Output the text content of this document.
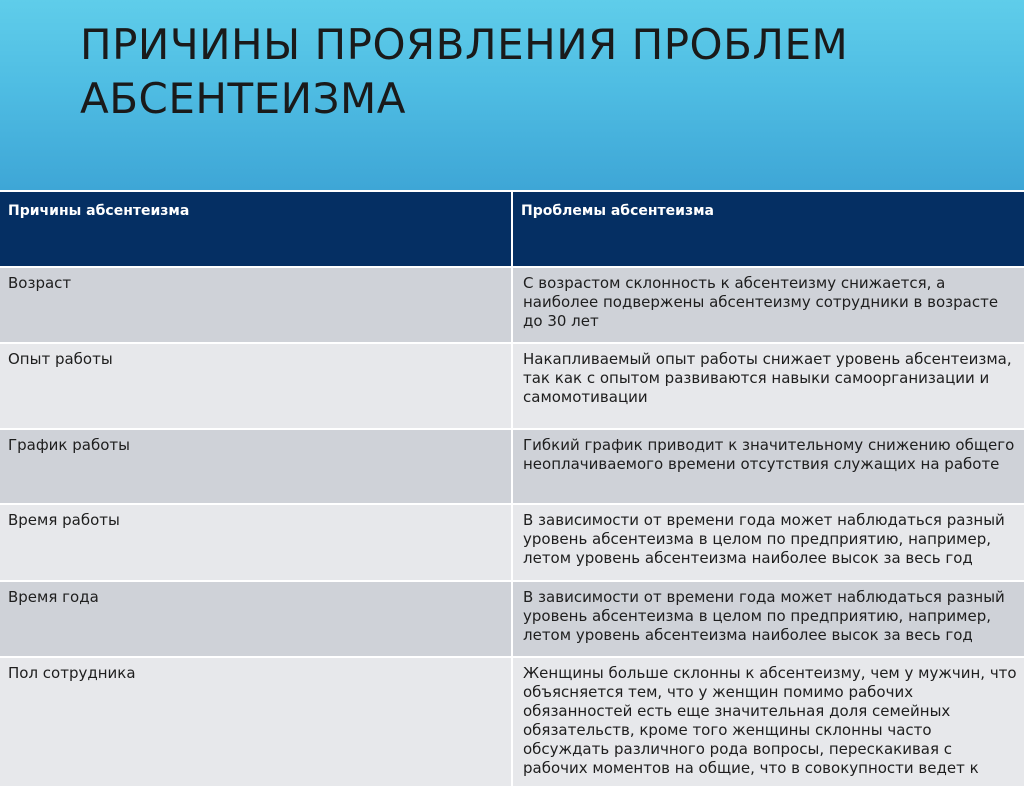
ПРИЧИНЫ ПРОЯВЛЕНИЯ ПРОБЛЕМ АБСЕНТЕИЗМА
Причины абсентеизма	Проблемы абсентеизма
Возраст	С возрастом склонность к абсентеизму снижается, а наиболее подвержены абсентеизму сотрудники в возрасте до 30 лет
Опыт работы	Накапливаемый опыт работы снижает уровень абсентеизма, так как с опытом развиваются навыки самоорганизации и самомотивации
График работы	Гибкий график приводит к значительному снижению общего неоплачиваемого времени отсутствия служащих на работе
Время работы	В зависимости от времени года может наблюдаться разный уровень абсентеизма в целом по предприятию, например, летом уровень абсентеизма наиболее высок за весь год
Время года	В зависимости от времени года может наблюдаться разный уровень абсентеизма в целом по предприятию, например, летом уровень абсентеизма наиболее высок за весь год
Пол сотрудника	Женщины больше склонны к абсентеизму, чем у мужчин, что объясняется тем, что у женщин помимо рабочих обязанностей есть еще значительная доля семейных обязательств, кроме того женщины склонны часто обсуждать различного рода вопросы, перескакивая с рабочих моментов на общие, что в совокупности ведет к
